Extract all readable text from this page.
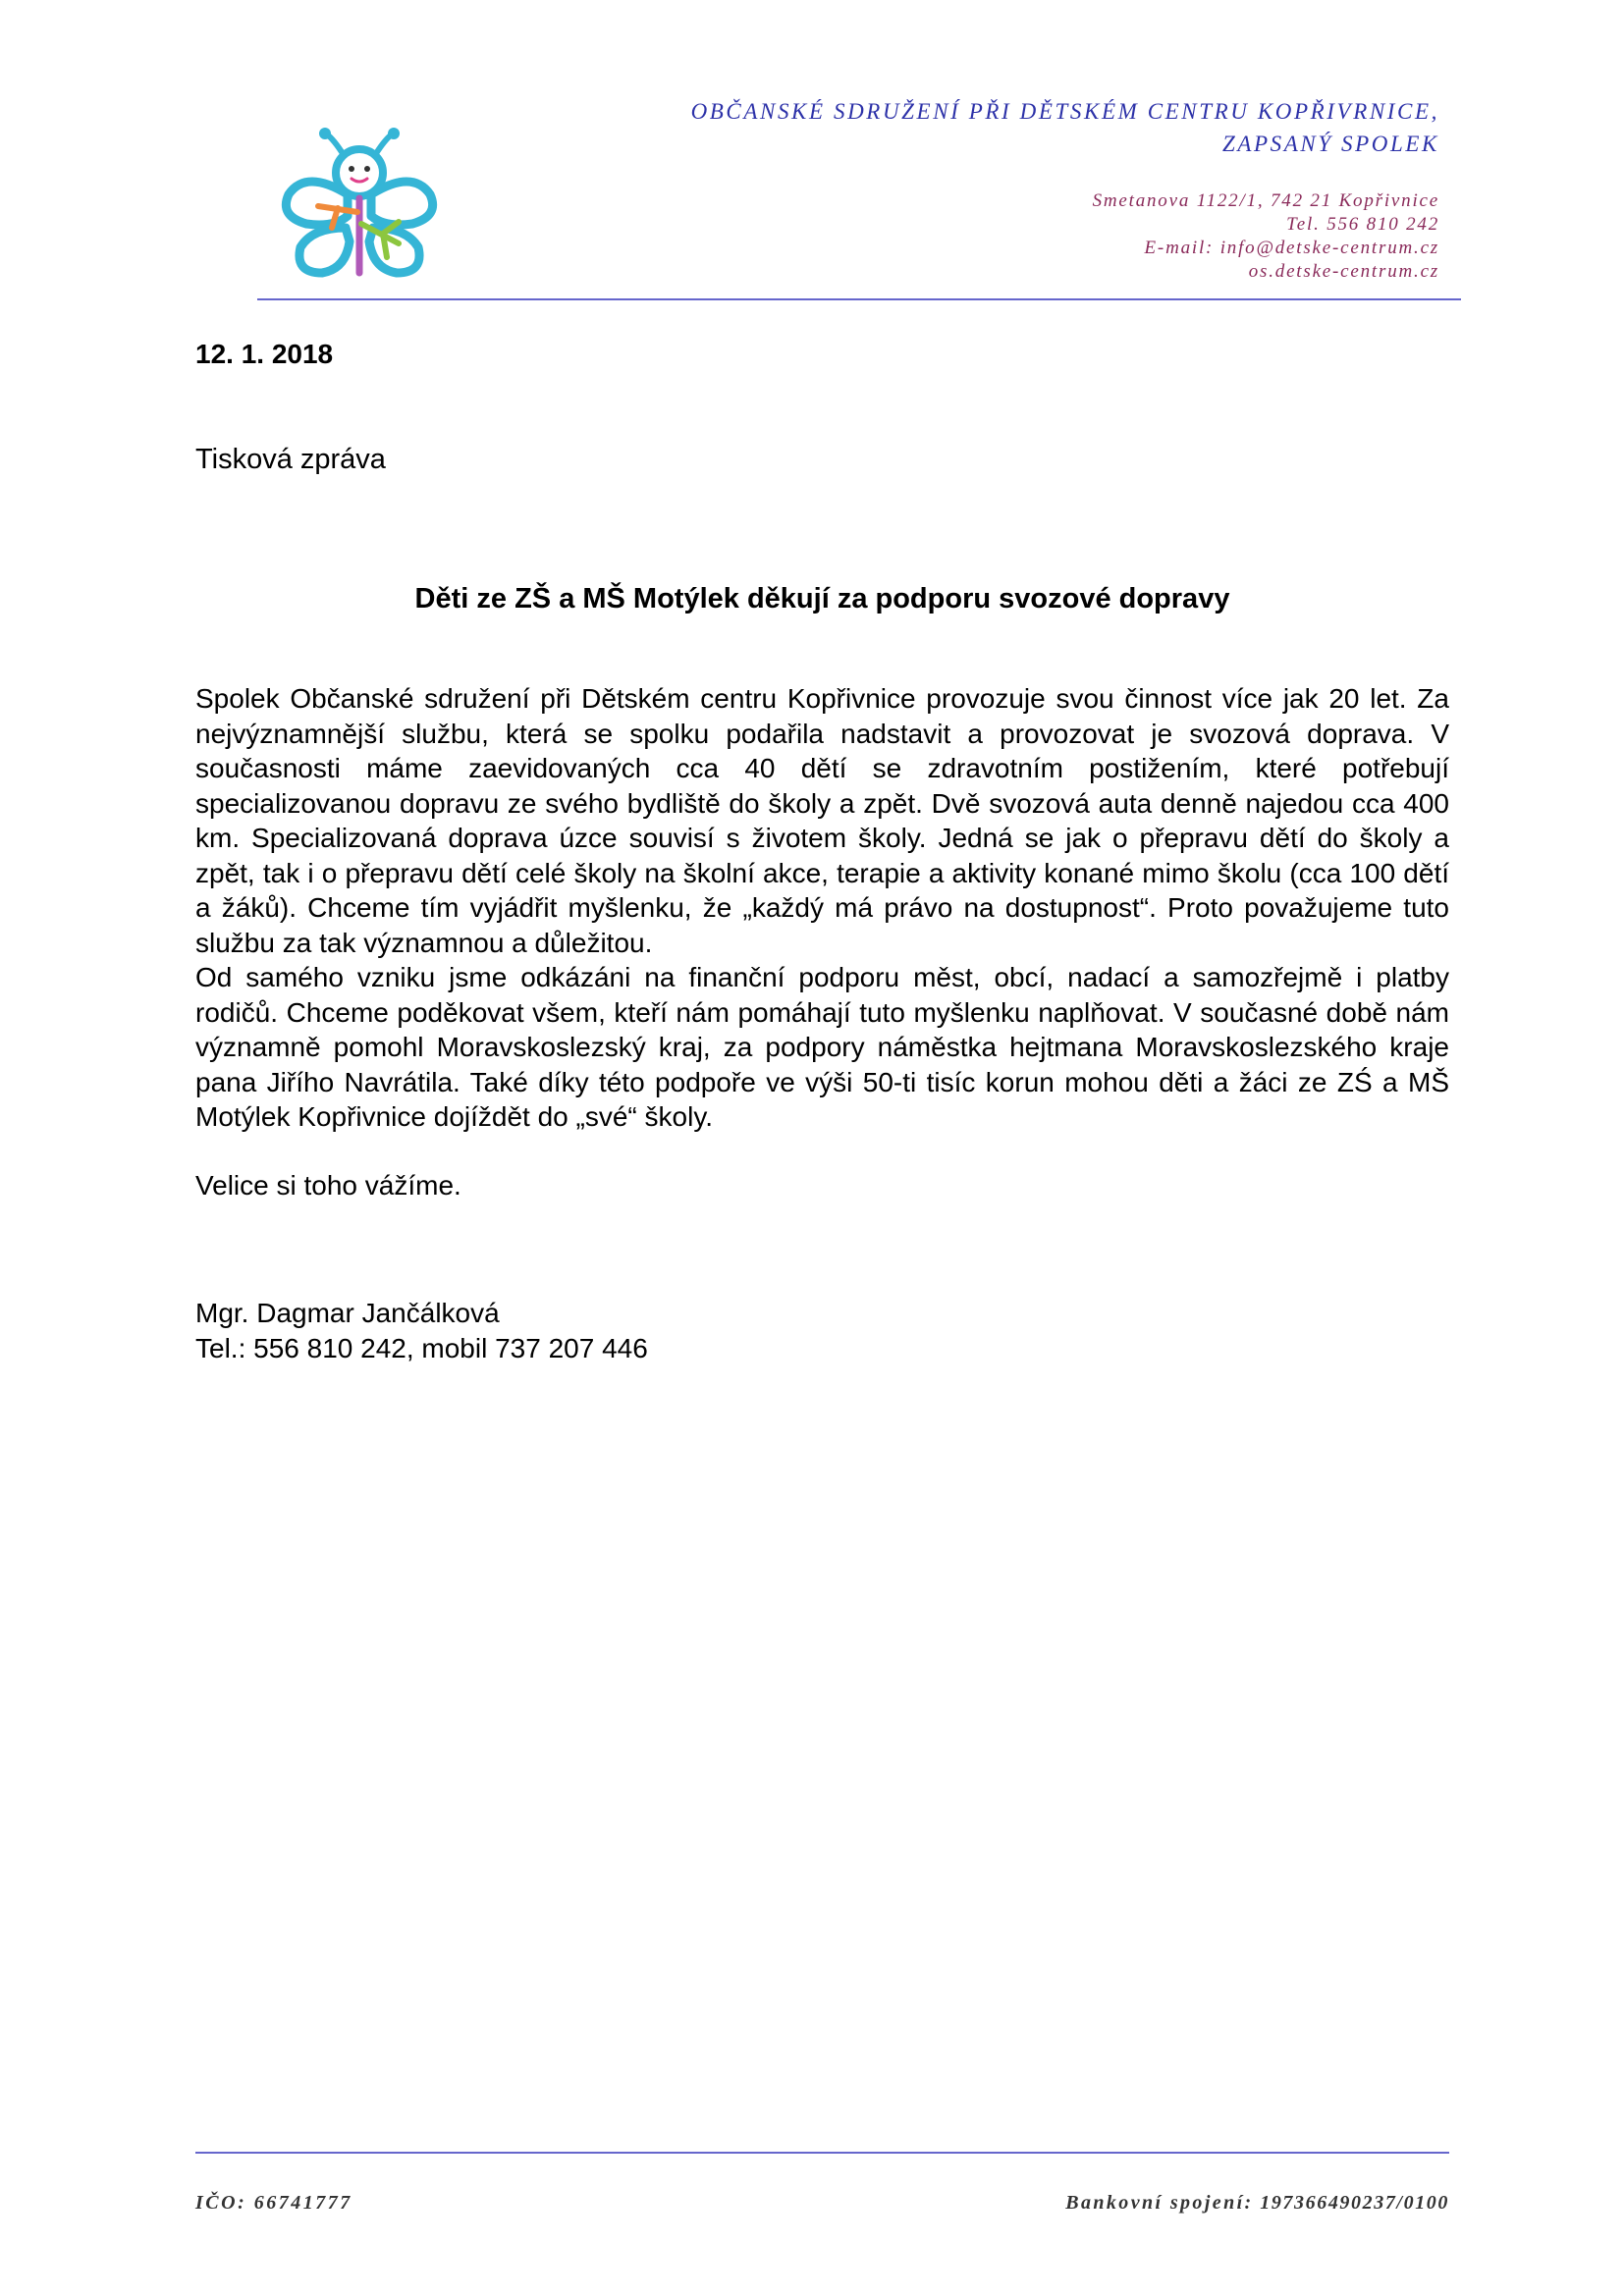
OBČANSKÉ SDRUŽENÍ PŘI DĚTSKÉM CENTRU KOPŘIVRNICE,
ZAPSANÝ SPOLEK
Smetanova 1122/1, 742 21 Kopřivnice
Tel. 556 810 242
E-mail: info@detske-centrum.cz
os.detske-centrum.cz
12. 1. 2018
Tisková zpráva
Děti ze ZŠ a MŠ Motýlek děkují za podporu svozové dopravy

Spolek Občanské sdružení při Dětském centru Kopřivnice provozuje svou činnost více jak 20 let. Za nejvýznamnější službu, která se spolku podařila nadstavit a provozovat je svozová doprava. V současnosti máme zaevidovaných cca 40 dětí se zdravotním postižením, které potřebují specializovanou dopravu ze svého bydliště do školy a zpět. Dvě svozová auta denně najedou cca 400 km. Specializovaná doprava úzce souvisí s životem školy. Jedná se jak o přepravu dětí do školy a zpět, tak i o přepravu dětí celé školy na školní akce, terapie a aktivity konané mimo školu (cca 100 dětí a žáků). Chceme tím vyjádřit myšlenku, že „každý má právo na dostupnost“. Proto považujeme tuto službu za tak významnou a důležitou.

Od samého vzniku jsme odkázáni na finanční podporu měst, obcí, nadací a samozřejmě i platby rodičů. Chceme poděkovat všem, kteří nám pomáhají tuto myšlenku naplňovat. V současné době nám významně pomohl Moravskoslezský kraj, za podpory náměstka hejtmana Moravskoslezského kraje pana Jiřího Navrátila. Také díky této podpoře ve výši 50-ti tisíc korun mohou děti a žáci ze ZŚ a MŠ Motýlek Kopřivnice dojíždět do „své“ školy.

Velice si toho vážíme.
Mgr. Dagmar Jančálková
Tel.: 556 810 242, mobil 737 207 446
IČO: 66741777	Bankovní spojení: 197366490237/0100
